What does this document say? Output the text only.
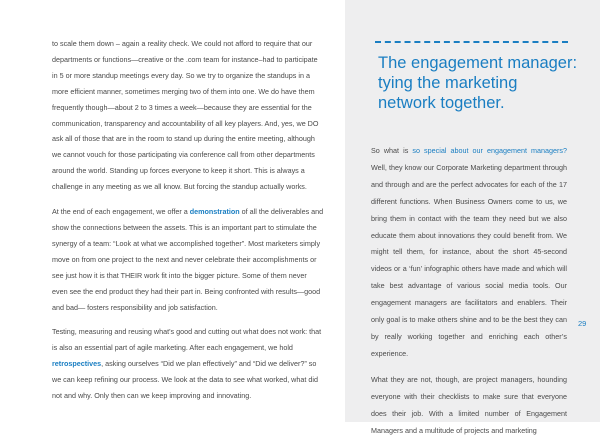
to scale them down – again a reality check. We could not afford to require that our departments or functions—creative or the .com team for instance–had to participate in 5 or more standup meetings every day. So we try to organize the standups in a more efficient manner, sometimes merging two of them into one. We do have them frequently though—about 2 to 3 times a week—because they are essential for the communication, transparency and accountability of all key players. And, yes, we DO ask all of those that are in the room to stand up during the entire meeting, although we cannot vouch for those participating via conference call from other departments around the world. Standing up forces everyone to keep it short. This is always a challenge in any meeting as we all know. But forcing the standup actually works.

At the end of each engagement, we offer a demonstration of all the deliverables and show the connections between the assets. This is an important part to stimulate the synergy of a team: “Look at what we accomplished together”. Most marketers simply move on from one project to the next and never celebrate their accomplishments or see just how it is that THEIR work fit into the bigger picture. Some of them never even see the end product they had their part in. Being confronted with results—good and bad— fosters responsibility and job satisfaction.

Testing, measuring and reusing what’s good and cutting out what does not work: that is also an essential part of agile marketing. After each engagement, we hold retrospectives, asking ourselves “Did we plan effectively” and “Did we deliver?” so we can keep refining our process. We look at the data to see what worked, what did not and why. Only then can we keep improving and innovating.

The engagement manager: tying the marketing network together.

So what is so special about our engagement managers? Well, they know our Corporate Marketing department through and through and are the perfect advocates for each of the 17 different functions. When Business Owners come to us, we bring them in contact with the team they need but we also educate them about innovations they could benefit from. We might tell them, for instance, about the short 45-second videos or a ‘fun’ infographic others have made and which will take best advantage of various social media tools. Our engagement managers are facilitators and enablers. Their only goal is to make others shine and to be the best they can by really working together and enriching each other’s experience.

What they are not, though, are project managers, hounding everyone with their checklists to make sure that everyone does their job. With a limited number of Engagement Managers and a multitude of projects and marketing

29
